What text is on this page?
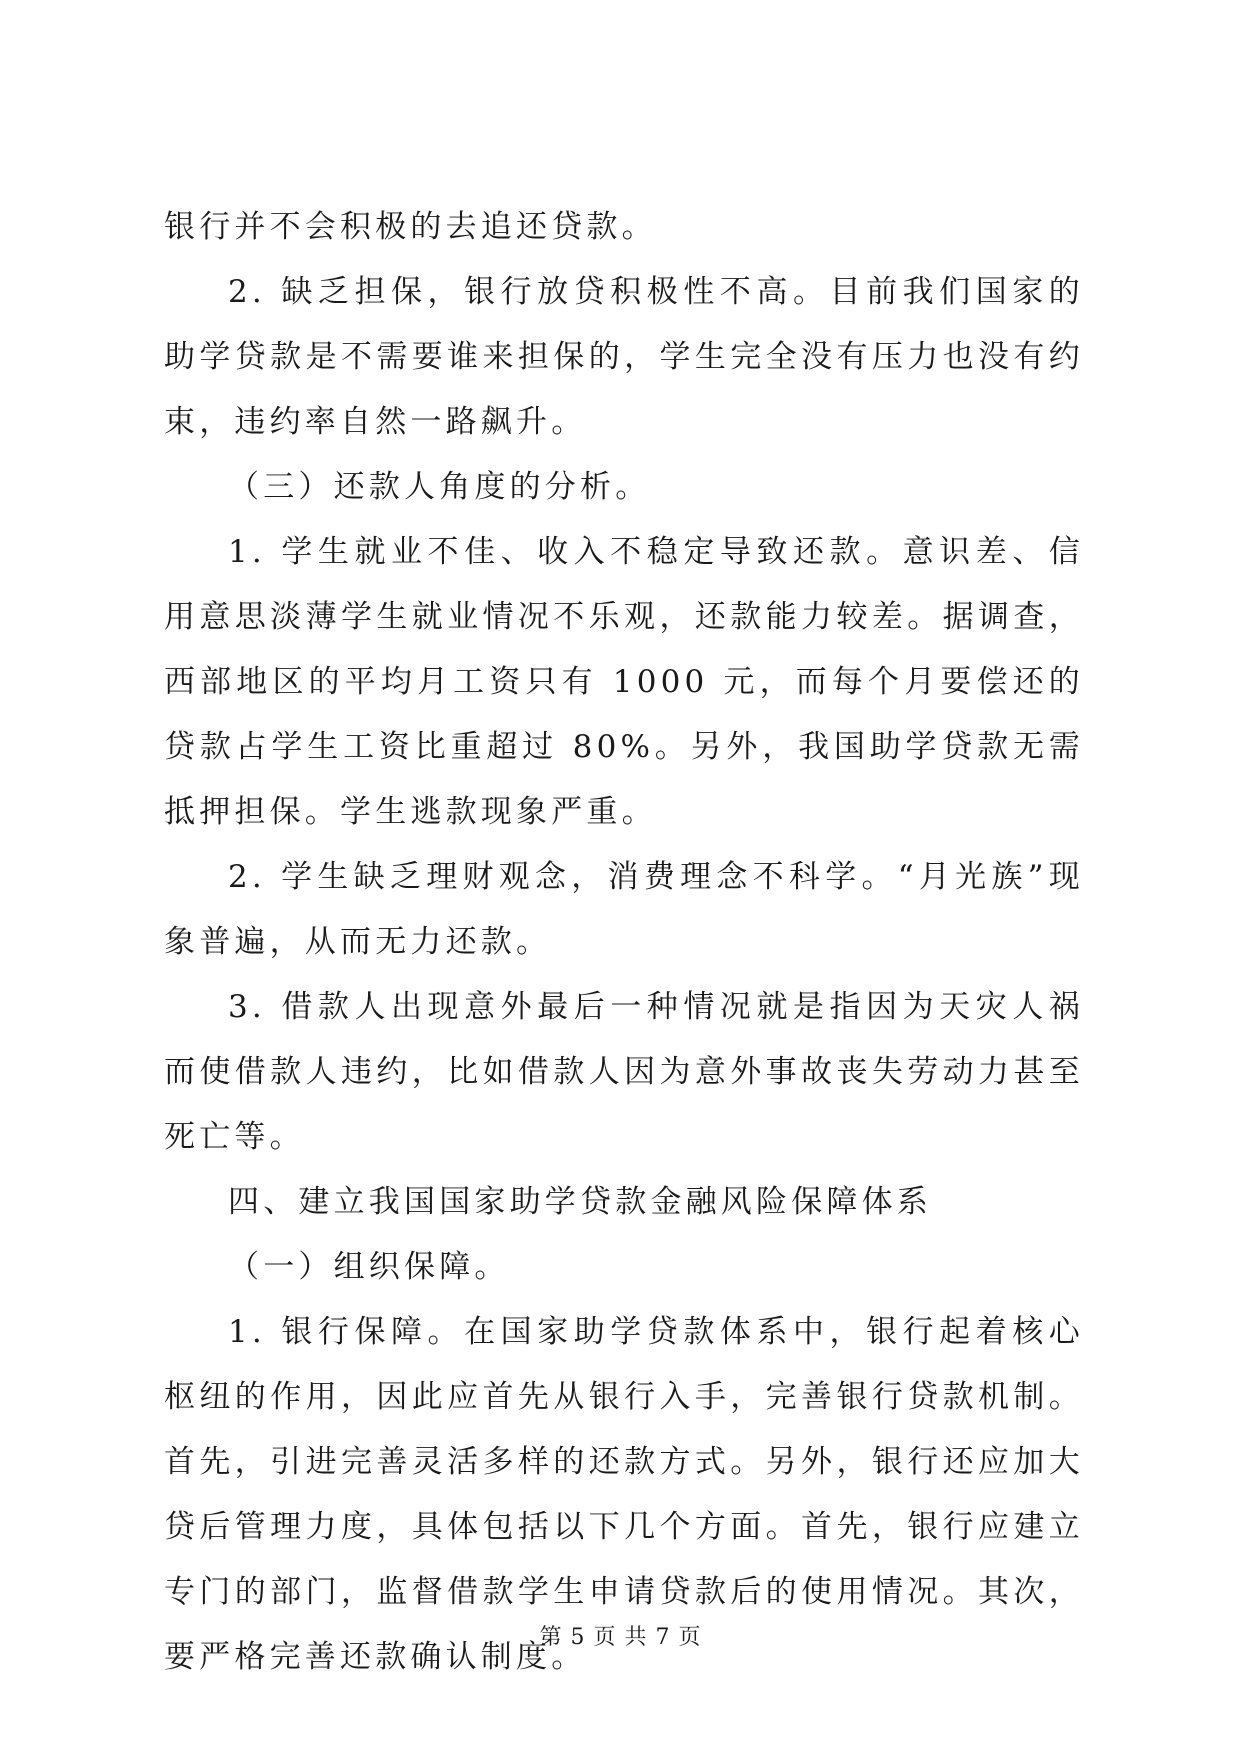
银行并不会积极的去追还贷款。

2. 缺乏担保，银行放贷积极性不高。目前我们国家的助学贷款是不需要谁来担保的，学生完全没有压力也没有约束，违约率自然一路飙升。

（三）还款人角度的分析。

1. 学生就业不佳、收入不稳定导致还款。意识差、信用意思淡薄学生就业情况不乐观，还款能力较差。据调查，西部地区的平均月工资只有 1000 元，而每个月要偿还的贷款占学生工资比重超过 80%。另外，我国助学贷款无需抵押担保。学生逃款现象严重。

2. 学生缺乏理财观念，消费理念不科学。“月光族”现象普遍，从而无力还款。

3. 借款人出现意外最后一种情况就是指因为天灾人祸而使借款人违约，比如借款人因为意外事故丧失劳动力甚至死亡等。

四、建立我国国家助学贷款金融风险保障体系

（一）组织保障。

1. 银行保障。在国家助学贷款体系中，银行起着核心枢纽的作用，因此应首先从银行入手，完善银行贷款机制。首先，引进完善灵活多样的还款方式。另外，银行还应加大贷后管理力度，具体包括以下几个方面。首先，银行应建立专门的部门，监督借款学生申请贷款后的使用情况。其次，要严格完善还款确认制度。

第 5 页 共 7 页
